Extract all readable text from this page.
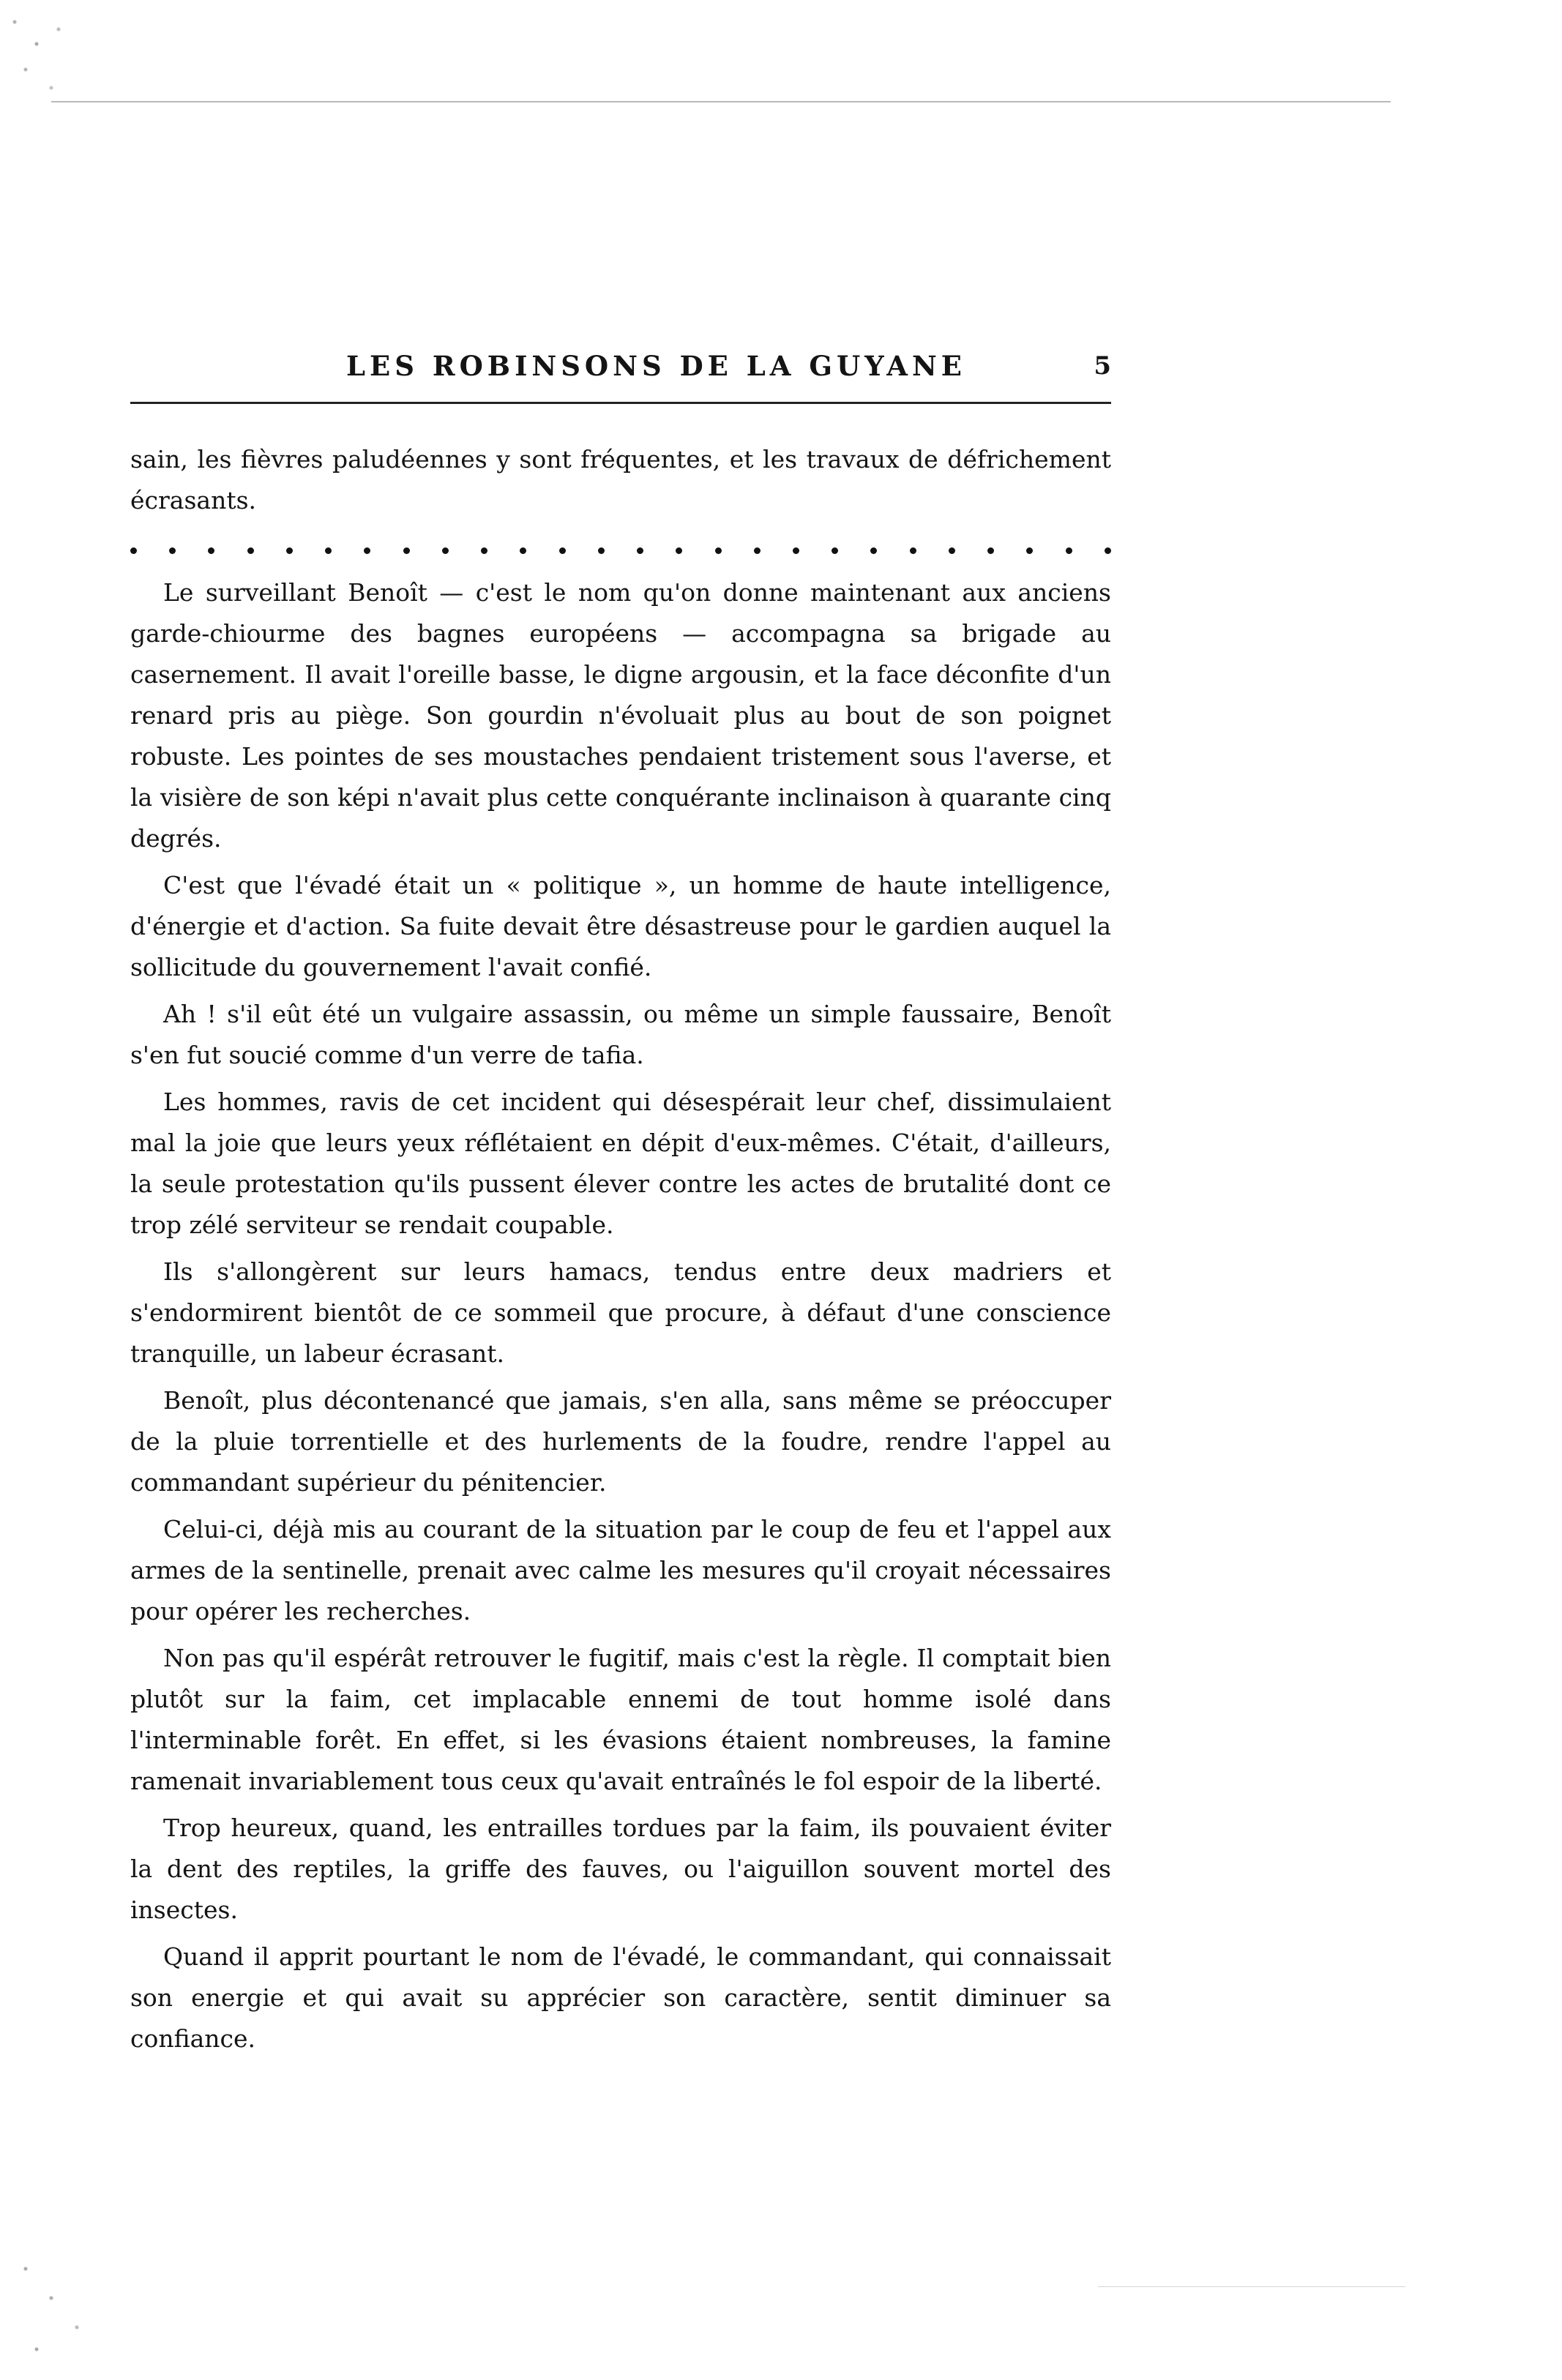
LES ROBINSONS DE LA GUYANE	5

sain, les fièvres paludéennes y sont fréquentes, et les travaux de défrichement écrasants.

Le surveillant Benoît — c'est le nom qu'on donne maintenant aux anciens garde-chiourme des bagnes européens — accompagna sa brigade au casernement. Il avait l'oreille basse, le digne argousin, et la face déconfite d'un renard pris au piège. Son gourdin n'évoluait plus au bout de son poignet robuste. Les pointes de ses moustaches pendaient tristement sous l'averse, et la visière de son képi n'avait plus cette conquérante inclinaison à quarante cinq degrés.

C'est que l'évadé était un « politique », un homme de haute intelligence, d'énergie et d'action. Sa fuite devait être désastreuse pour le gardien auquel la sollicitude du gouvernement l'avait confié.

Ah ! s'il eût été un vulgaire assassin, ou même un simple faussaire, Benoît s'en fut soucié comme d'un verre de tafia.

Les hommes, ravis de cet incident qui désespérait leur chef, dissimulaient mal la joie que leurs yeux réflétaient en dépit d'eux-mêmes. C'était, d'ailleurs, la seule protestation qu'ils pussent élever contre les actes de brutalité dont ce trop zélé serviteur se rendait coupable.

Ils s'allongèrent sur leurs hamacs, tendus entre deux madriers et s'endormirent bientôt de ce sommeil que procure, à défaut d'une conscience tranquille, un labeur écrasant.

Benoît, plus décontenancé que jamais, s'en alla, sans même se préoccuper de la pluie torrentielle et des hurlements de la foudre, rendre l'appel au commandant supérieur du pénitencier.

Celui-ci, déjà mis au courant de la situation par le coup de feu et l'appel aux armes de la sentinelle, prenait avec calme les mesures qu'il croyait nécessaires pour opérer les recherches.

Non pas qu'il espérât retrouver le fugitif, mais c'est la règle. Il comptait bien plutôt sur la faim, cet implacable ennemi de tout homme isolé dans l'interminable forêt. En effet, si les évasions étaient nombreuses, la famine ramenait invariablement tous ceux qu'avait entraînés le fol espoir de la liberté.

Trop heureux, quand, les entrailles tordues par la faim, ils pouvaient éviter la dent des reptiles, la griffe des fauves, ou l'aiguillon souvent mortel des insectes.

Quand il apprit pourtant le nom de l'évadé, le commandant, qui connaissait son energie et qui avait su apprécier son caractère, sentit diminuer sa confiance.
